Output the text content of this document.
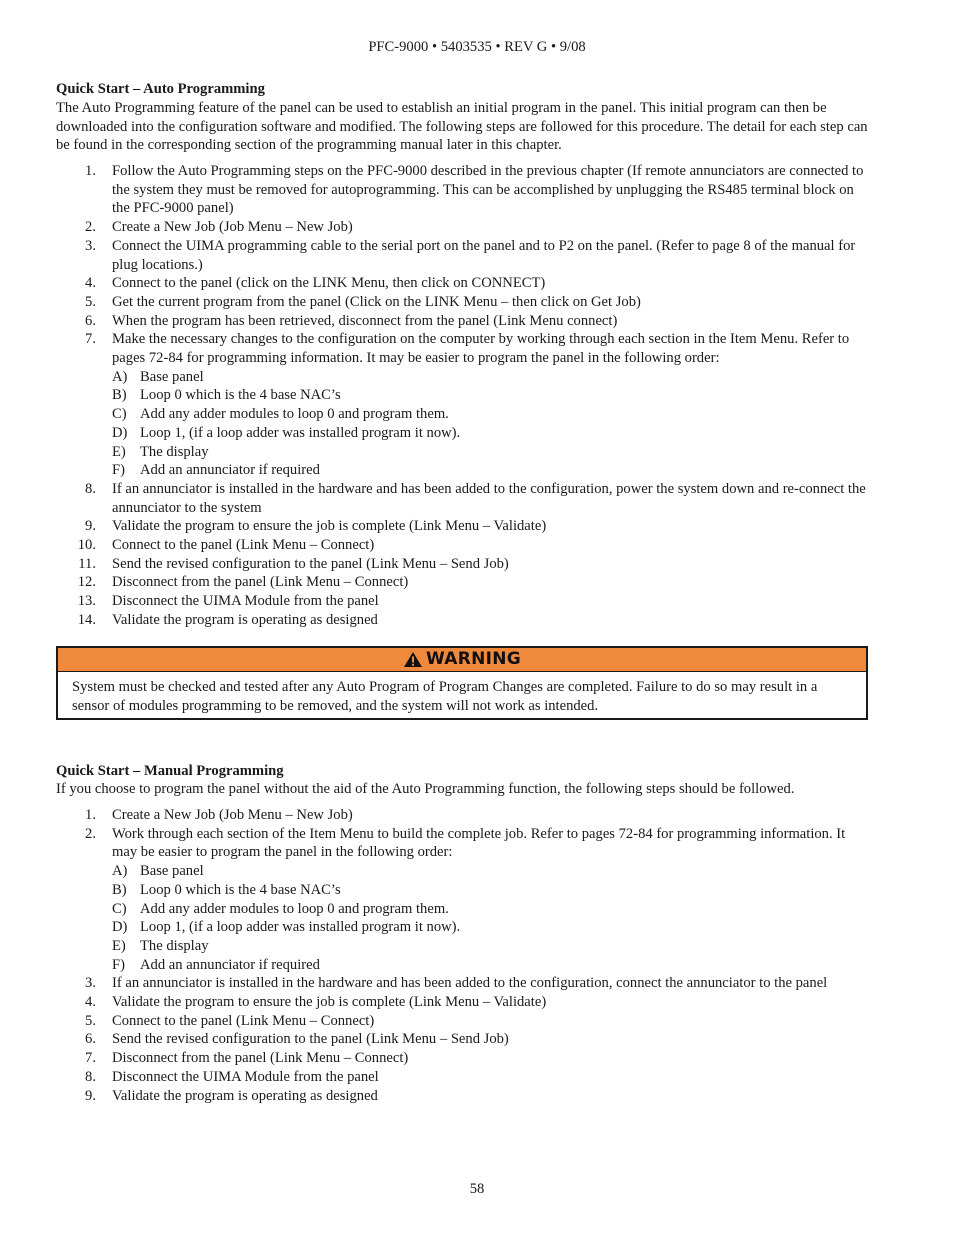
PFC-9000 • 5403535 • REV G • 9/08
Quick Start – Auto Programming
The Auto Programming feature of the panel can be used to establish an initial program in the panel. This initial program can then be downloaded into the configuration software and modified. The following steps are followed for this procedure. The detail for each step can be found in the corresponding section of the programming manual later in this chapter.
1. Follow the Auto Programming steps on the PFC-9000 described in the previous chapter (If remote annunciators are connected to the system they must be removed for autoprogramming. This can be accomplished by unplugging the RS485 terminal block on the PFC-9000 panel)
2. Create a New Job (Job Menu – New Job)
3. Connect the UIMA programming cable to the serial port on the panel and to P2 on the panel. (Refer to page 8 of the manual for plug locations.)
4. Connect to the panel (click on the LINK Menu, then click on CONNECT)
5. Get the current program from the panel (Click on the LINK Menu – then click on Get Job)
6. When the program has been retrieved, disconnect from the panel (Link Menu connect)
7. Make the necessary changes to the configuration on the computer by working through each section in the Item Menu. Refer to pages 72-84 for programming information. It may be easier to program the panel in the following order:
A) Base panel
B) Loop 0 which is the 4 base NAC’s
C) Add any adder modules to loop 0 and program them.
D) Loop 1, (if a loop adder was installed program it now).
E) The display
F) Add an annunciator if required
8. If an annunciator is installed in the hardware and has been added to the configuration, power the system down and re-connect the annunciator to the system
9. Validate the program to ensure the job is complete (Link Menu – Validate)
10. Connect to the panel (Link Menu – Connect)
11. Send the revised configuration to the panel (Link Menu – Send Job)
12. Disconnect from the panel (Link Menu – Connect)
13. Disconnect the UIMA Module from the panel
14. Validate the program is operating as designed
WARNING
System must be checked and tested after any Auto Program of Program Changes are completed. Failure to do so may result in a sensor of modules programming to be removed, and the system will not work as intended.
Quick Start – Manual Programming
If you choose to program the panel without the aid of the Auto Programming function, the following steps should be followed.
1. Create a New Job (Job Menu – New Job)
2. Work through each section of the Item Menu to build the complete job. Refer to pages 72-84 for programming information. It may be easier to program the panel in the following order:
A) Base panel
B) Loop 0 which is the 4 base NAC’s
C) Add any adder modules to loop 0 and program them.
D) Loop 1, (if a loop adder was installed program it now).
E) The display
F) Add an annunciator if required
3. If an annunciator is installed in the hardware and has been added to the configuration, connect the annunciator to the panel
4. Validate the program to ensure the job is complete (Link Menu – Validate)
5. Connect to the panel (Link Menu – Connect)
6. Send the revised configuration to the panel (Link Menu – Send Job)
7. Disconnect from the panel (Link Menu – Connect)
8. Disconnect the UIMA Module from the panel
9. Validate the program is operating as designed
58
